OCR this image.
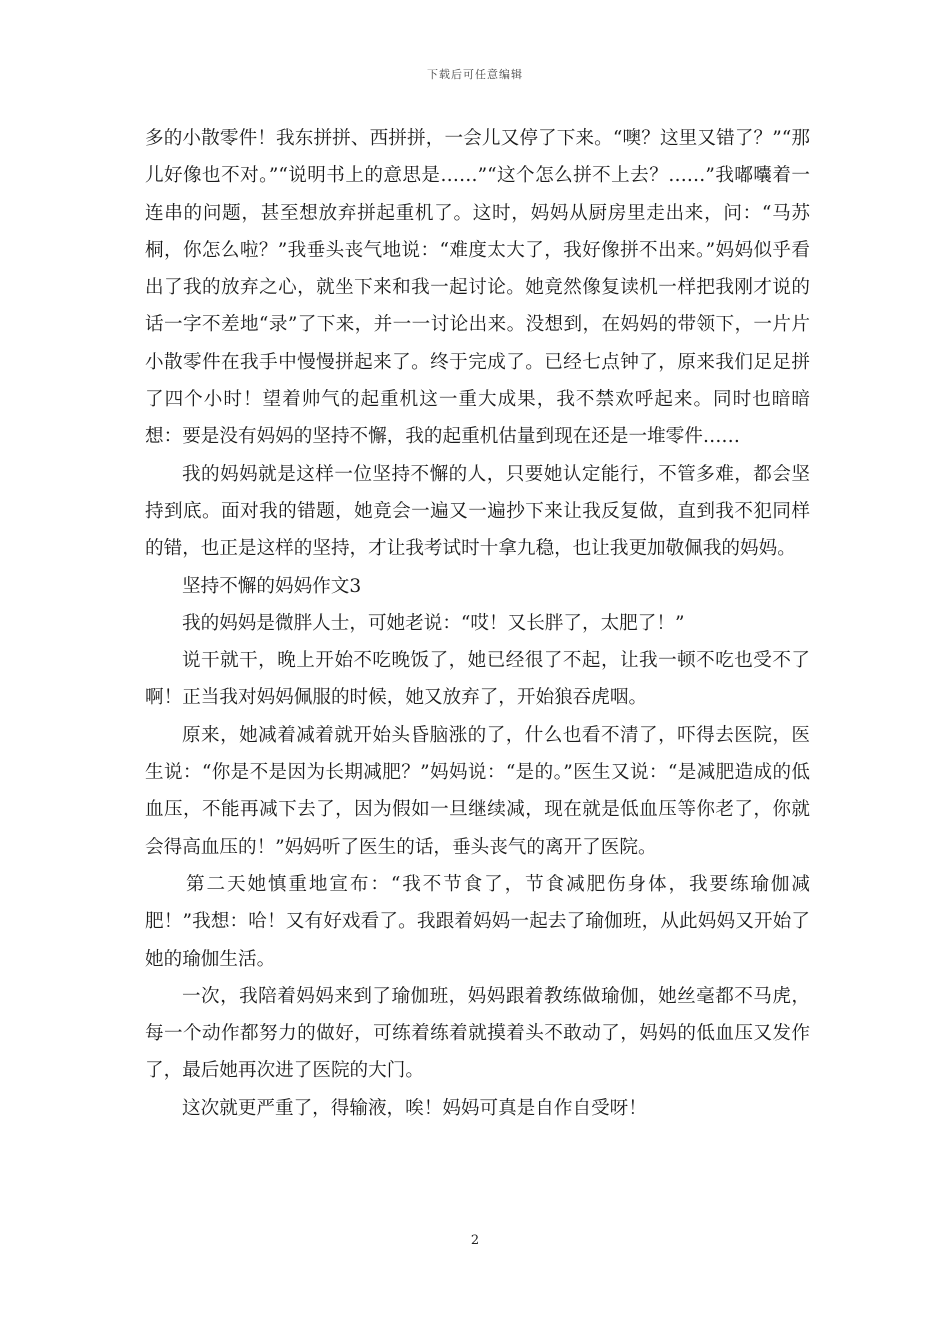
下载后可任意编辑

多的小散零件！我东拼拼、西拼拼，一会儿又停了下来。“噢？这里又错了？”“那儿好像也不对。”“说明书上的意思是……”“这个怎么拼不上去？……”我嘟囔着一连串的问题，甚至想放弃拼起重机了。这时，妈妈从厨房里走出来，问：“马苏桐，你怎么啦？”我垂头丧气地说：“难度太大了，我好像拼不出来。”妈妈似乎看出了我的放弃之心，就坐下来和我一起讨论。她竟然像复读机一样把我刚才说的话一字不差地“录”了下来，并一一讨论出来。没想到，在妈妈的带领下，一片片小散零件在我手中慢慢拼起来了。终于完成了。已经七点钟了，原来我们足足拼了四个小时！望着帅气的起重机这一重大成果，我不禁欢呼起来。同时也暗暗想：要是没有妈妈的坚持不懈，我的起重机估量到现在还是一堆零件……

我的妈妈就是这样一位坚持不懈的人，只要她认定能行，不管多难，都会坚持到底。面对我的错题，她竟会一遍又一遍抄下来让我反复做，直到我不犯同样的错，也正是这样的坚持，才让我考试时十拿九稳，也让我更加敬佩我的妈妈。

坚持不懈的妈妈作文3

我的妈妈是微胖人士，可她老说：“哎！又长胖了，太肥了！”

说干就干，晚上开始不吃晚饭了，她已经很了不起，让我一顿不吃也受不了啊！正当我对妈妈佩服的时候，她又放弃了，开始狼吞虎咽。

原来，她减着减着就开始头昏脑涨的了，什么也看不清了，吓得去医院，医生说：“你是不是因为长期减肥？”妈妈说：“是的。”医生又说：“是减肥造成的低血压，不能再减下去了，因为假如一旦继续减，现在就是低血压等你老了，你就会得高血压的！”妈妈听了医生的话，垂头丧气的离开了医院。

第二天她慎重地宣布：“我不节食了，节食减肥伤身体，我要练瑜伽减肥！”我想：哈！又有好戏看了。我跟着妈妈一起去了瑜伽班，从此妈妈又开始了她的瑜伽生活。

一次，我陪着妈妈来到了瑜伽班，妈妈跟着教练做瑜伽，她丝毫都不马虎，每一个动作都努力的做好，可练着练着就摸着头不敢动了，妈妈的低血压又发作了，最后她再次进了医院的大门。

这次就更严重了，得输液，唉！妈妈可真是自作自受呀！

2
